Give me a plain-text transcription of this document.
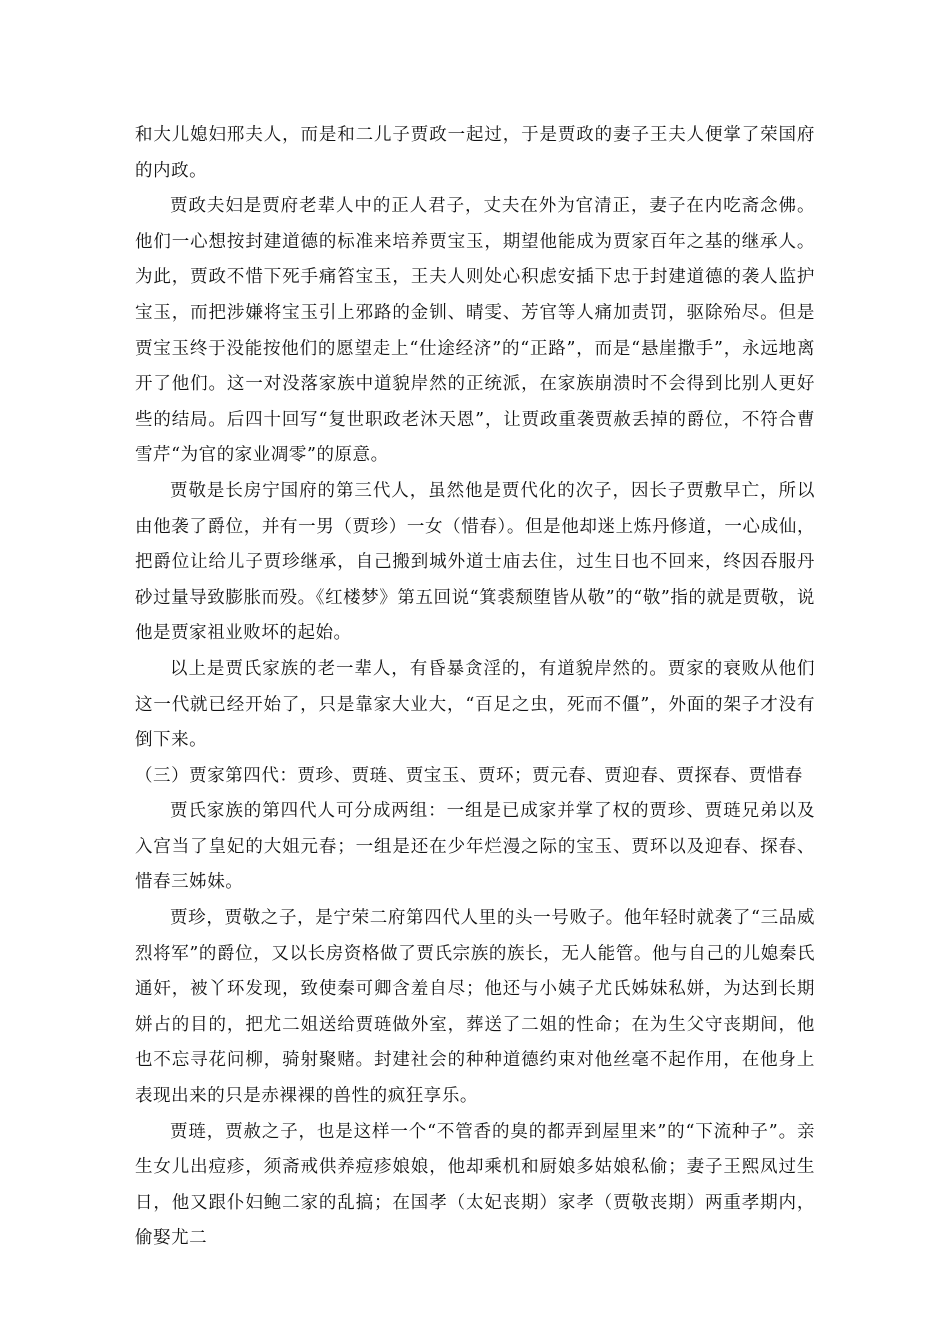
和大儿媳妇邢夫人，而是和二儿子贾政一起过，于是贾政的妻子王夫人便掌了荣国府的内政。

贾政夫妇是贾府老辈人中的正人君子，丈夫在外为官清正，妻子在内吃斋念佛。他们一心想按封建道德的标准来培养贾宝玉，期望他能成为贾家百年之基的继承人。为此，贾政不惜下死手痛笞宝玉，王夫人则处心积虑安插下忠于封建道德的袭人监护宝玉，而把涉嫌将宝玉引上邪路的金钏、晴雯、芳官等人痛加责罚，驱除殆尽。但是贾宝玉终于没能按他们的愿望走上“仕途经济”的“正路”，而是“悬崖撒手”，永远地离开了他们。这一对没落家族中道貌岸然的正统派，在家族崩溃时不会得到比别人更好些的结局。后四十回写“复世职政老沐天恩”，让贾政重袭贾赦丢掉的爵位，不符合曹雪芹“为官的家业凋零”的原意。

贾敬是长房宁国府的第三代人，虽然他是贾代化的次子，因长子贾敷早亡，所以由他袭了爵位，并有一男（贾珍）一女（惜春）。但是他却迷上炼丹修道，一心成仙，把爵位让给儿子贾珍继承，自己搬到城外道士庙去住，过生日也不回来，终因吞服丹砂过量导致膨胀而殁。《红楼梦》第五回说“箕裘颓堕皆从敬”的“敬”指的就是贾敬，说他是贾家祖业败坏的起始。

以上是贾氏家族的老一辈人，有昏暴贪淫的，有道貌岸然的。贾家的衰败从他们这一代就已经开始了，只是靠家大业大，“百足之虫，死而不僵”，外面的架子才没有倒下来。

（三）贾家第四代：贾珍、贾琏、贾宝玉、贾环；贾元春、贾迎春、贾探春、贾惜春

贾氏家族的第四代人可分成两组：一组是已成家并掌了权的贾珍、贾琏兄弟以及入宫当了皇妃的大姐元春；一组是还在少年烂漫之际的宝玉、贾环以及迎春、探春、惜春三姊妹。

贾珍，贾敬之子，是宁荣二府第四代人里的头一号败子。他年轻时就袭了“三品威烈将军”的爵位，又以长房资格做了贾氏宗族的族长，无人能管。他与自己的儿媳秦氏通奸，被丫环发现，致使秦可卿含羞自尽；他还与小姨子尤氏姊妹私姘，为达到长期姘占的目的，把尤二姐送给贾琏做外室，葬送了二姐的性命；在为生父守丧期间，他也不忘寻花问柳，骑射聚赌。封建社会的种种道德约束对他丝毫不起作用，在他身上表现出来的只是赤裸裸的兽性的疯狂享乐。

贾琏，贾赦之子，也是这样一个“不管香的臭的都弄到屋里来”的“下流种子”。亲生女儿出痘疹，须斋戒供养痘疹娘娘，他却乘机和厨娘多姑娘私偷；妻子王熙凤过生日，他又跟仆妇鲍二家的乱搞；在国孝（太妃丧期）家孝（贾敬丧期）两重孝期内，偷娶尤二
